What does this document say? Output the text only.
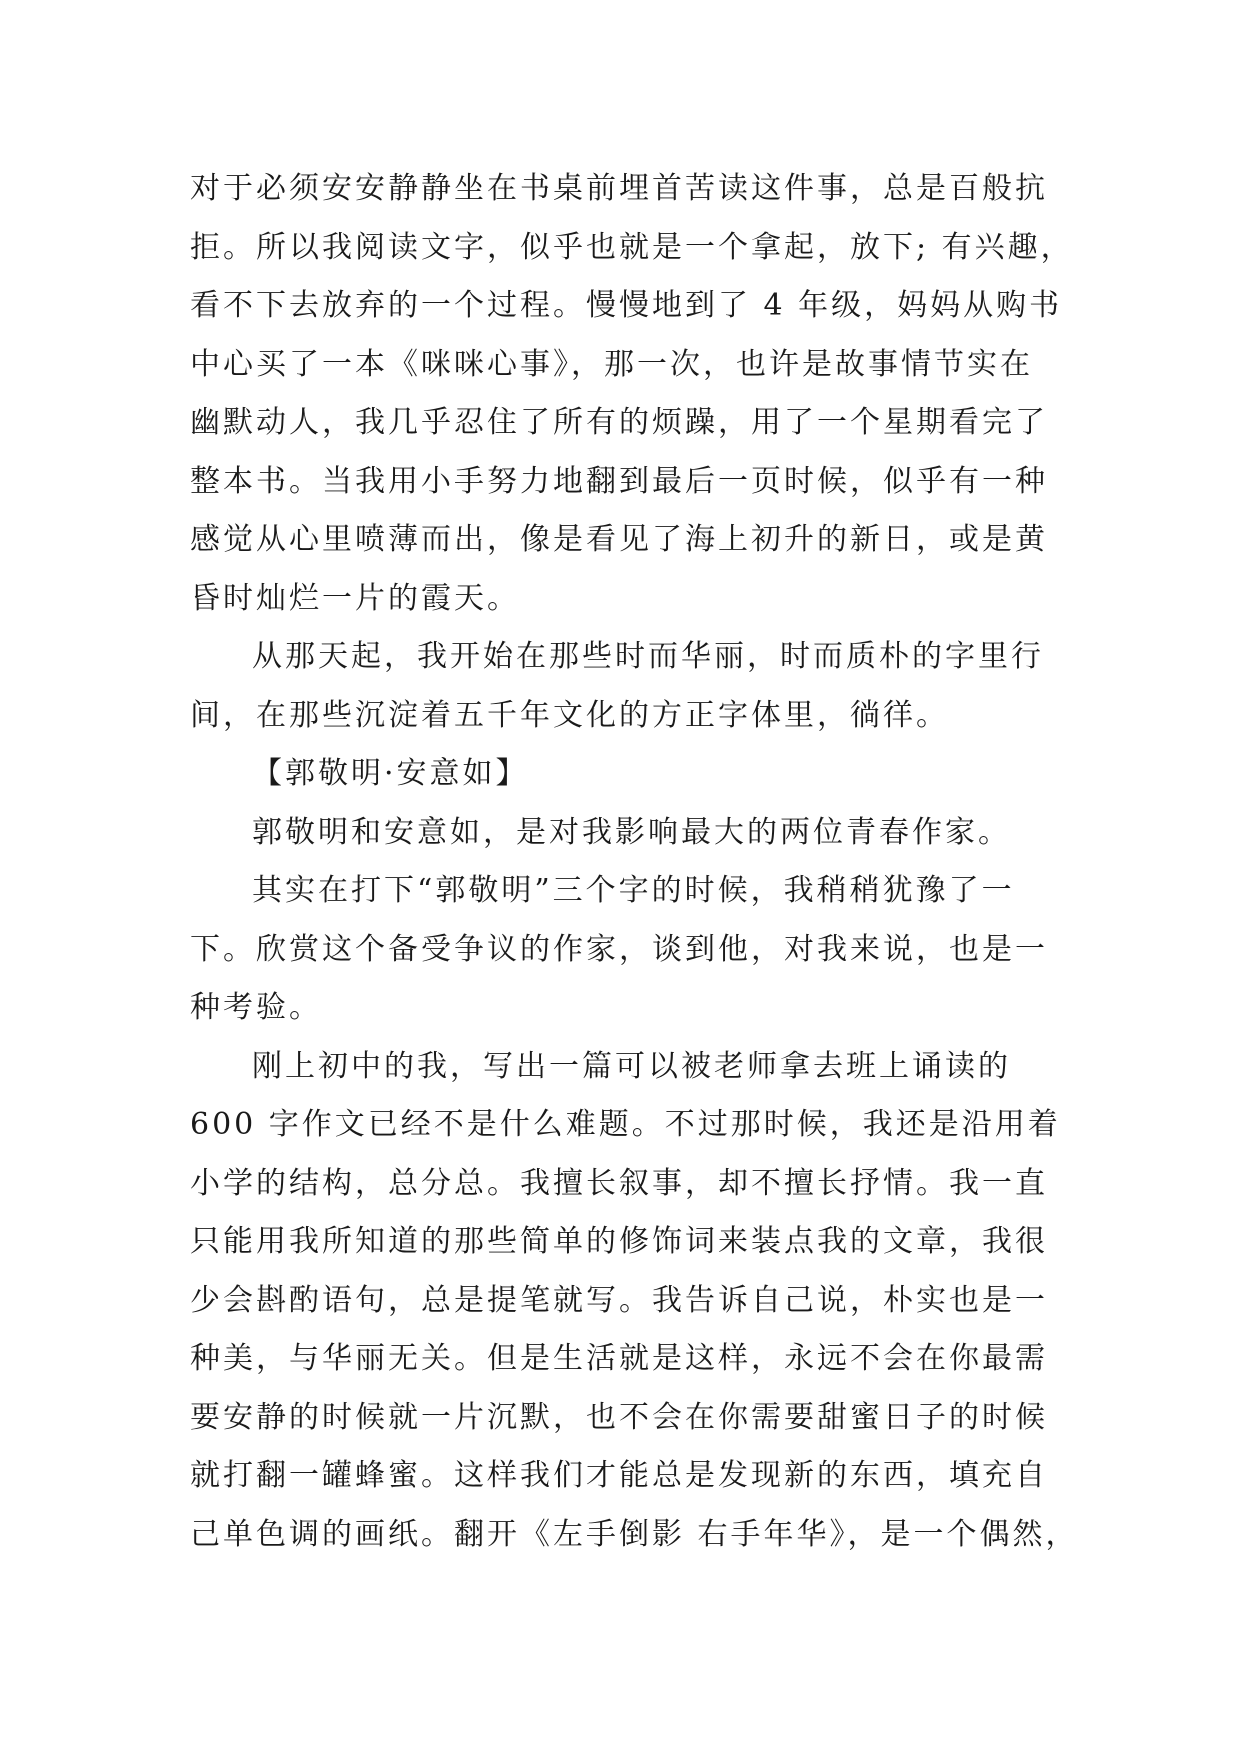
对于必须安安静静坐在书桌前埋首苦读这件事，总是百般抗
拒。所以我阅读文字，似乎也就是一个拿起，放下; 有兴趣，
看不下去放弃的一个过程。慢慢地到了 4 年级，妈妈从购书
中心买了一本《咪咪心事》，那一次，也许是故事情节实在
幽默动人，我几乎忍住了所有的烦躁，用了一个星期看完了
整本书。当我用小手努力地翻到最后一页时候，似乎有一种
感觉从心里喷薄而出，像是看见了海上初升的新日，或是黄
昏时灿烂一片的霞天。
从那天起，我开始在那些时而华丽，时而质朴的字里行
间，在那些沉淀着五千年文化的方正字体里，徜徉。
【郭敬明·安意如】
郭敬明和安意如，是对我影响最大的两位青春作家。
其实在打下“郭敬明”三个字的时候，我稍稍犹豫了一
下。欣赏这个备受争议的作家，谈到他，对我来说，也是一
种考验。
刚上初中的我，写出一篇可以被老师拿去班上诵读的
600 字作文已经不是什么难题。不过那时候，我还是沿用着
小学的结构，总分总。我擅长叙事，却不擅长抒情。我一直
只能用我所知道的那些简单的修饰词来装点我的文章，我很
少会斟酌语句，总是提笔就写。我告诉自己说，朴实也是一
种美，与华丽无关。但是生活就是这样，永远不会在你最需
要安静的时候就一片沉默，也不会在你需要甜蜜日子的时候
就打翻一罐蜂蜜。这样我们才能总是发现新的东西，填充自
己单色调的画纸。翻开《左手倒影 右手年华》，是一个偶然，
